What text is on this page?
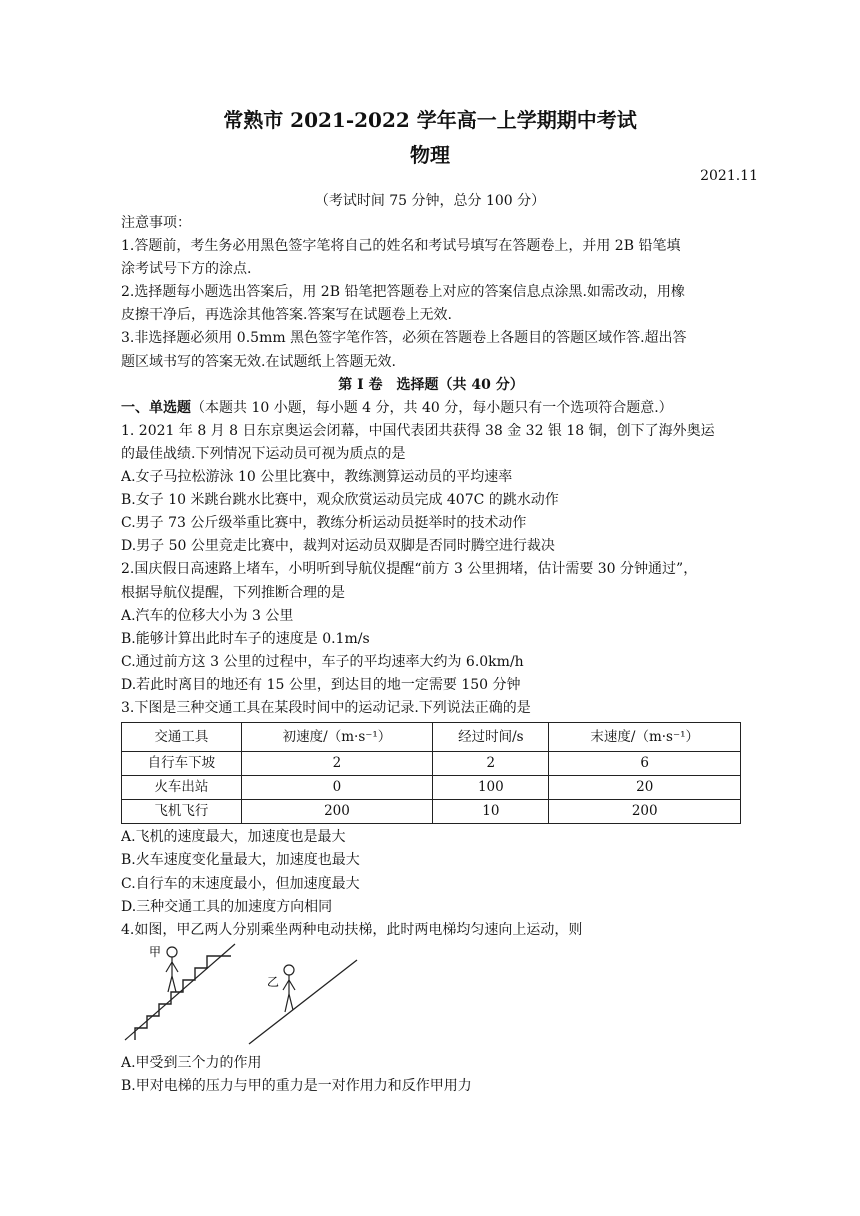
常熟市 2021-2022 学年高一上学期期中考试
物理
2021.11
（考试时间 75 分钟，总分 100 分）
注意事项：
1.答题前，考生务必用黑色签字笔将自己的姓名和考试号填写在答题卷上，并用 2B 铅笔填
涂考试号下方的涂点.
2.选择题每小题选出答案后，用 2B 铅笔把答题卷上对应的答案信息点涂黑.如需改动，用橡
皮擦干净后，再选涂其他答案.答案写在试题卷上无效.
3.非选择题必须用 0.5mm 黑色签字笔作答，必须在答题卷上各题目的答题区域作答.超出答
题区域书写的答案无效.在试题纸上答题无效.
第 I 卷　选择题（共 40 分）
一、单选题（本题共 10 小题，每小题 4 分，共 40 分，每小题只有一个选项符合题意.）
1. 2021 年 8 月 8 日东京奥运会闭幕，中国代表团共获得 38 金 32 银 18 铜，创下了海外奥运
的最佳战绩.下列情况下运动员可视为质点的是
A.女子马拉松游泳 10 公里比赛中，教练测算运动员的平均速率
B.女子 10 米跳台跳水比赛中，观众欣赏运动员完成 407C 的跳水动作
C.男子 73 公斤级举重比赛中，教练分析运动员挺举时的技术动作
D.男子 50 公里竞走比赛中，裁判对运动员双脚是否同时腾空进行裁决
2.国庆假日高速路上堵车，小明听到导航仪提醒“前方 3 公里拥堵，估计需要 30 分钟通过”，
根据导航仪提醒，下列推断合理的是
A.汽车的位移大小为 3 公里
B.能够计算出此时车子的速度是 0.1m/s
C.通过前方这 3 公里的过程中，车子的平均速率大约为 6.0km/h
D.若此时离目的地还有 15 公里，到达目的地一定需要 150 分钟
3.下图是三种交通工具在某段时间中的运动记录.下列说法正确的是
交通工具	初速度/（m·s⁻¹）	经过时间/s	末速度/（m·s⁻¹）
自行车下坡	2	2	6
火车出站	0	100	20
飞机飞行	200	10	200
A.飞机的速度最大，加速度也是最大
B.火车速度变化量最大，加速度也最大
C.自行车的末速度最小，但加速度最大
D.三种交通工具的加速度方向相同
4.如图，甲乙两人分别乘坐两种电动扶梯，此时两电梯均匀速向上运动，则
甲
乙
A.甲受到三个力的作用
B.甲对电梯的压力与甲的重力是一对作用力和反作甲用力
